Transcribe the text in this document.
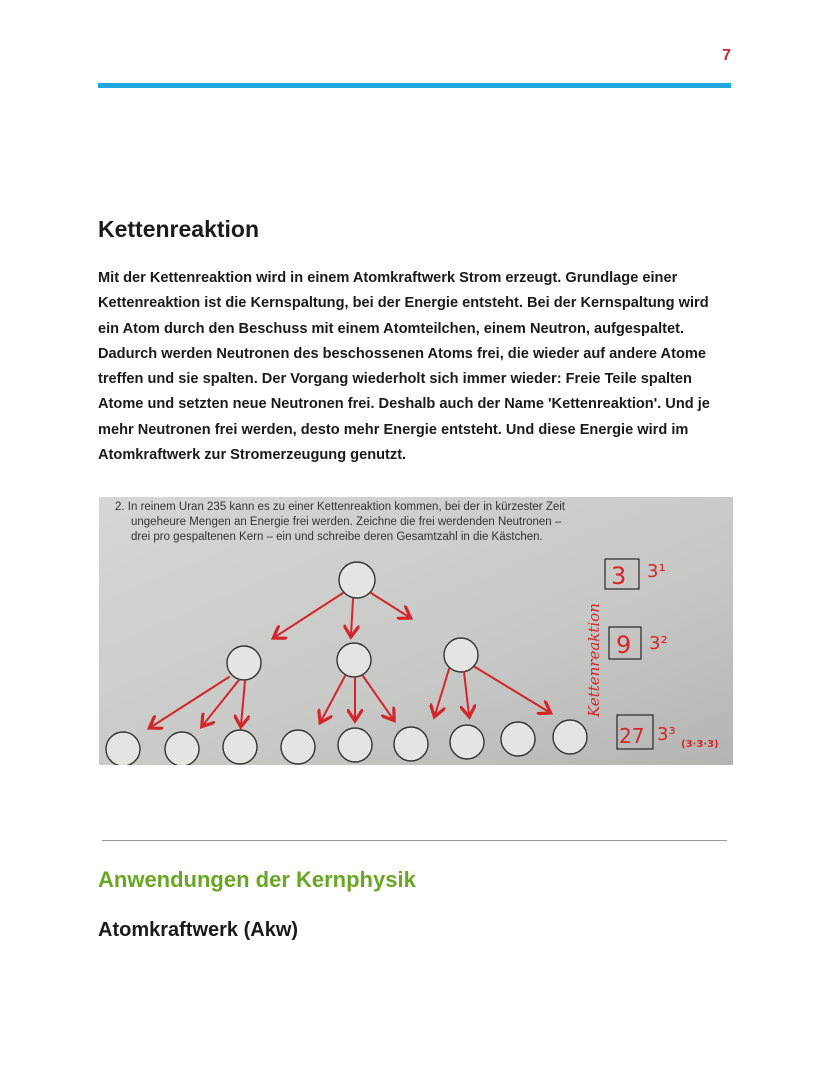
7
Kettenreaktion

Mit der Kettenreaktion wird in einem Atomkraftwerk Strom erzeugt. Grundlage einer Kettenreaktion ist die Kernspaltung, bei der Energie entsteht. Bei der Kernspaltung wird ein Atom durch den Beschuss mit einem Atomteilchen, einem Neutron, aufgespaltet. Dadurch werden Neutronen des beschossenen Atoms frei, die wieder auf andere Atome treffen und sie spalten. Der Vorgang wiederholt sich immer wieder: Freie Teile spalten Atome und setzten neue Neutronen frei. Deshalb auch der Name 'Kettenreaktion'. Und je mehr Neutronen frei werden, desto mehr Energie entsteht. Und diese Energie wird im Atomkraftwerk zur Stromerzeugung genutzt.

2. In reinem Uran 235 kann es zu einer Kettenreaktion kommen, bei der in kürzester Zeit
ungeheure Mengen an Energie frei werden. Zeichne die frei werdenden Neutronen –
drei pro gespaltenen Kern – ein und schreibe deren Gesamtzahl in die Kästchen.
Kettenreaktion
3 3¹
9 3²
27 3³ (3·3·3)
Anwendungen der Kernphysik
Atomkraftwerk (Akw)
